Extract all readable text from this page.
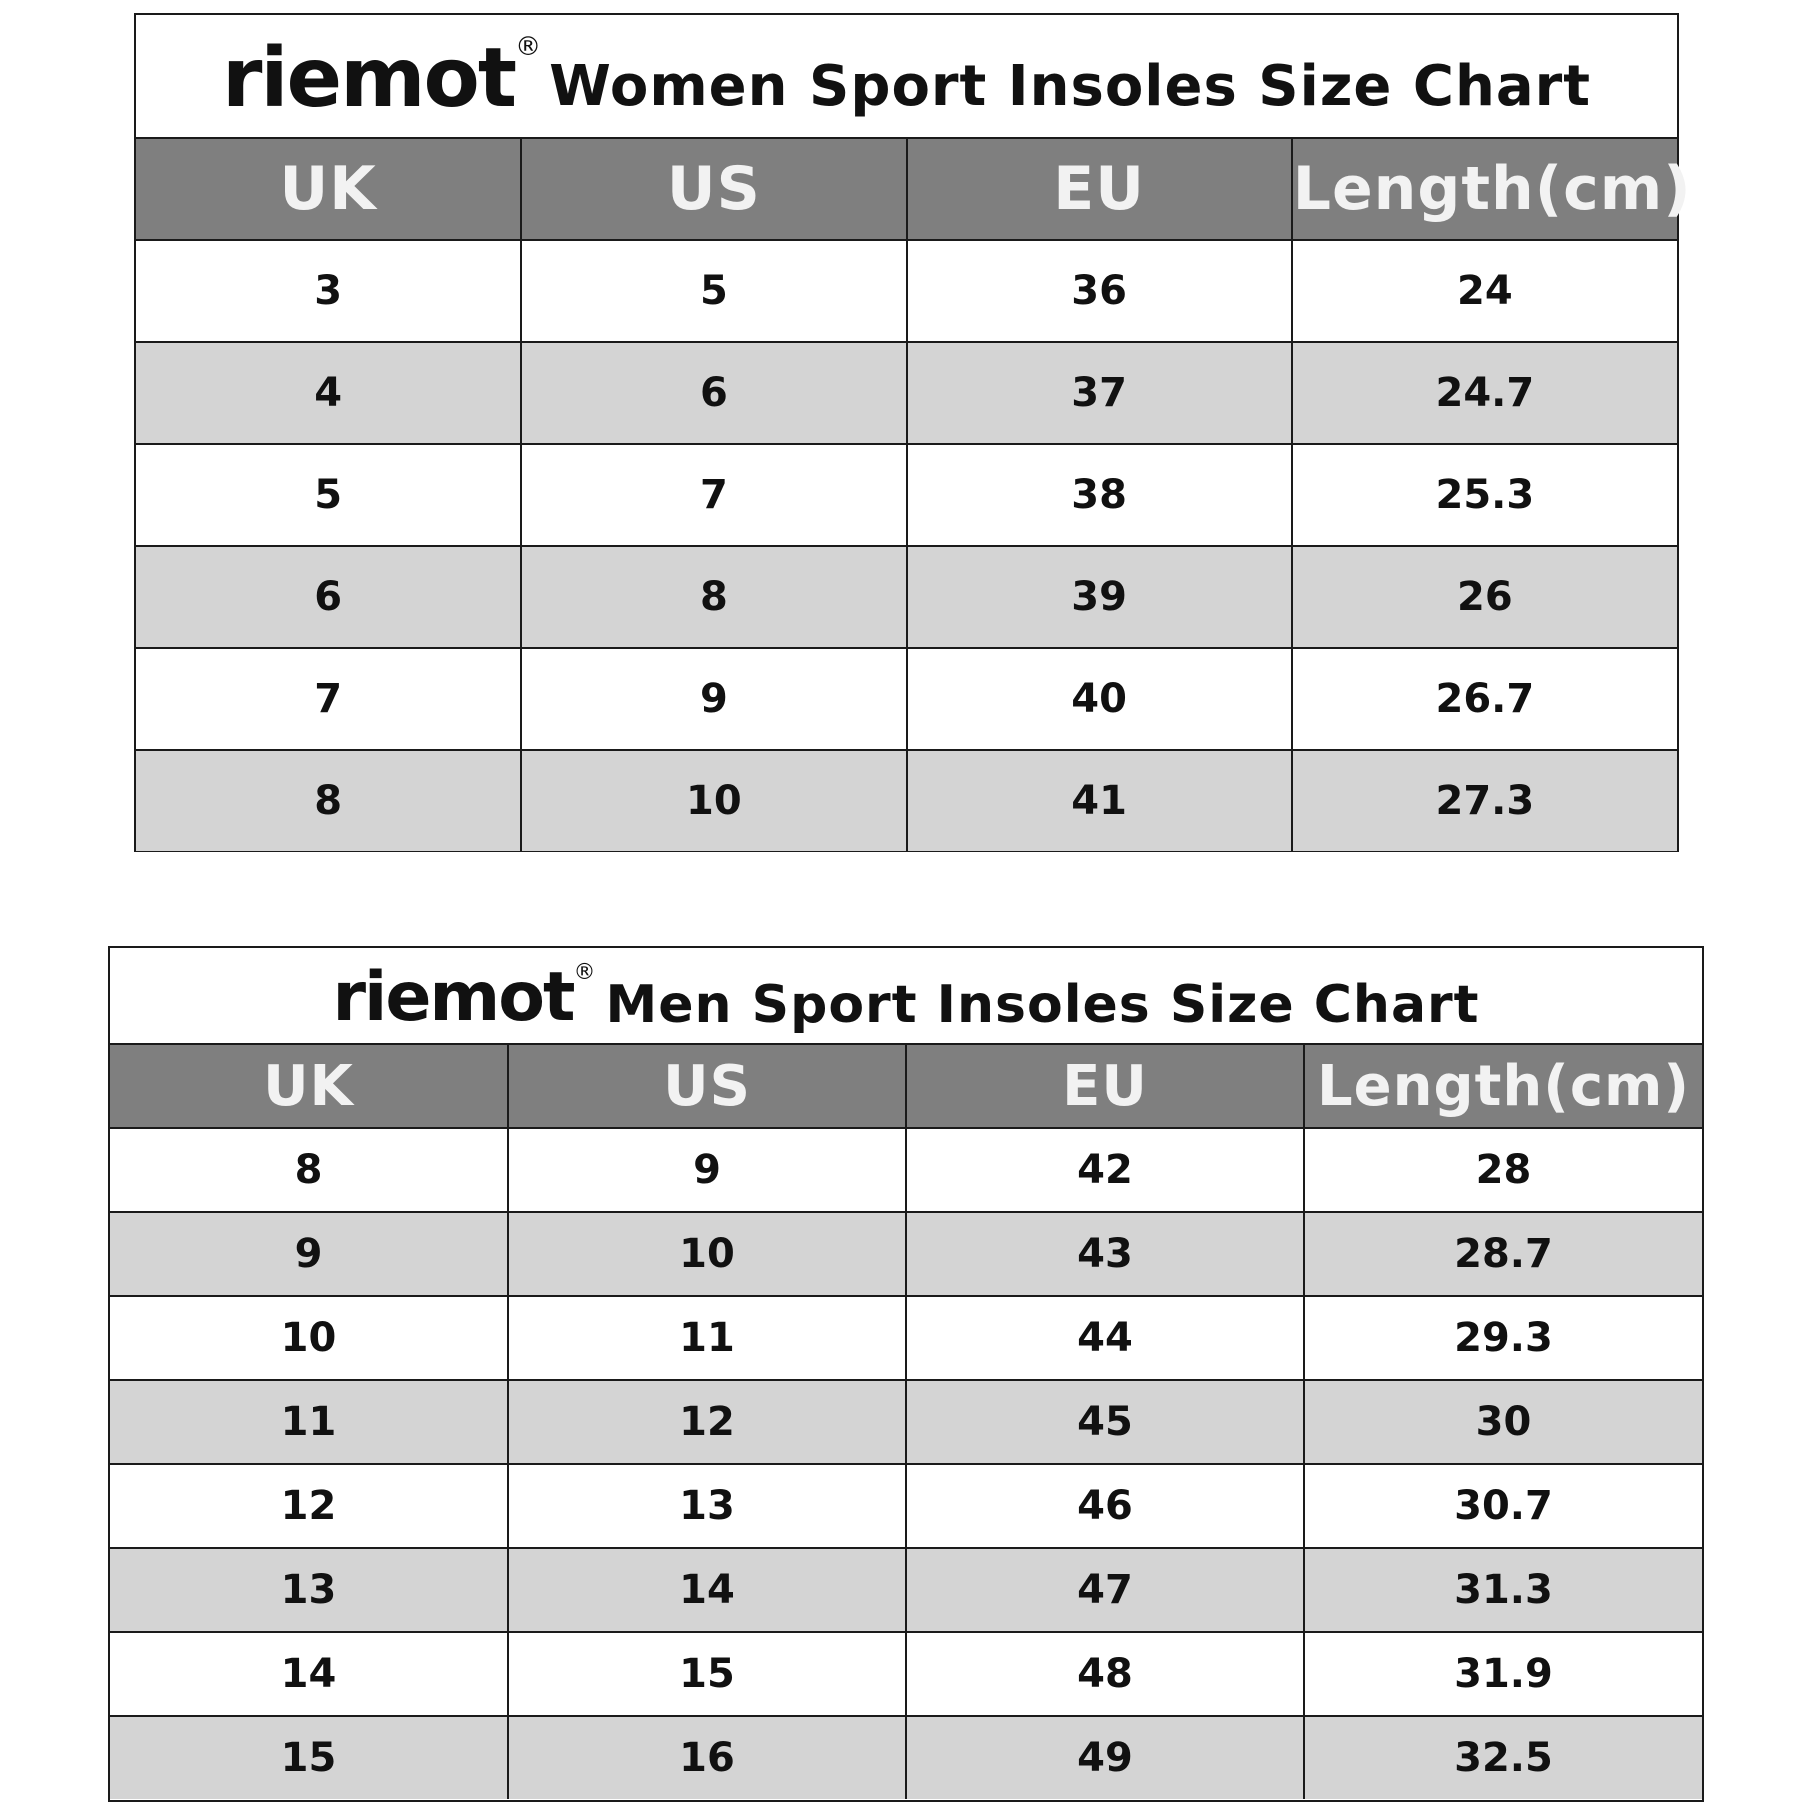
riemot ®
Women Sport Insoles Size Chart
UK	US	EU	Length(cm)
3	5	36	24
4	6	37	24.7
5	7	38	25.3
6	8	39	26
7	9	40	26.7
8	10	41	27.3
riemot ®
Men Sport Insoles Size Chart
UK	US	EU	Length(cm)
8	9	42	28
9	10	43	28.7
10	11	44	29.3
11	12	45	30
12	13	46	30.7
13	14	47	31.3
14	15	48	31.9
15	16	49	32.5
